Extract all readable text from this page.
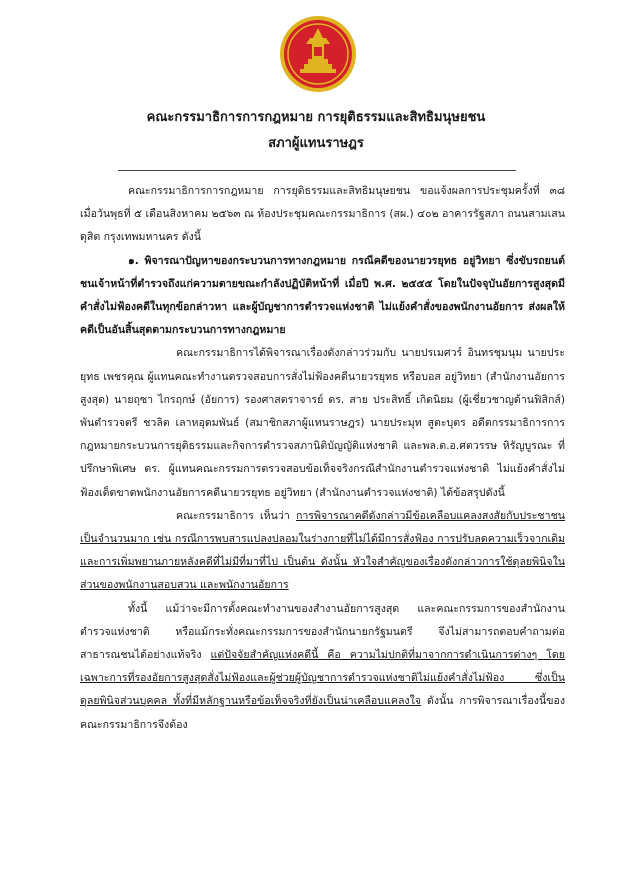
คณะกรรมาธิการการกฎหมาย การยุติธรรมและสิทธิมนุษยชน
สภาผู้แทนราษฎร

คณะกรรมาธิการการกฎหมาย การยุติธรรมและสิทธิมนุษยชน ขอแจ้งผลการประชุมครั้งที่ ๓๘ เมื่อวันพุธที่ ๕ เดือนสิงหาคม ๒๕๖๓ ณ ห้องประชุมคณะกรรมาธิการ (สผ.) ๔๐๒ อาคารรัฐสภา ถนนสามเสน ดุสิต กรุงเทพมหานคร ดังนี้

๑. พิจารณาปัญหาของกระบวนการทางกฎหมาย กรณีคดีของนายวรยุทธ อยู่วิทยา ซึ่งขับรถยนต์ชนเจ้าหน้าที่ตำรวจถึงแก่ความตายขณะกำลังปฏิบัติหน้าที่ เมื่อปี พ.ศ. ๒๕๕๕ โดยในปัจจุบันอัยการสูงสุดมีคำสั่งไม่ฟ้องคดีในทุกข้อกล่าวหา และผู้บัญชาการตำรวจแห่งชาติ ไม่แย้งคำสั่งของพนักงานอัยการ ส่งผลให้คดีเป็นอันสิ้นสุดตามกระบวนการทางกฎหมาย

คณะกรรมาธิการได้พิจารณาเรื่องดังกล่าวร่วมกับ นายปรเมศวร์ อินทรชุมนุม นายประยุทธ เพชรคุณ ผู้แทนคณะทำงานตรวจสอบการสั่งไม่ฟ้องคดีนายวรยุทธ หรือบอส อยู่วิทยา (สำนักงานอัยการสูงสุด) นายถุซา ไกรฤกษ์ (อัยการ) รองศาสตราจารย์ ดร. สาย ประสิทธิ์ เกิดนิยม (ผู้เชี่ยวชาญด้านฟิสิกส์) พันตำรวจตรี ชวลิต เลาหอุดมพันธ์ (สมาชิกสภาผู้แทนราษฎร) นายประมุท สูตะบุตร อดีตกรรมาธิการการกฎหมายกระบวนการยุติธรรมและกิจการตำรวจสภานิติบัญญัติแห่งชาติ และพล.ต.อ.ศตวรรษ หิรัญบูรณะ ที่ปรึกษาพิเศษ ดร. ผู้แทนคณะกรรมการตรวจสอบข้อเท็จจริงกรณีสำนักงานตำรวจแห่งชาติ ไม่แย้งคำสั่งไม่ฟ้องเด็ดขาดพนักงานอัยการคดีนายวรยุทธ อยู่วิทยา (สำนักงานตำรวจแห่งชาติ) ได้ข้อสรุปดังนี้

คณะกรรมาธิการ เห็นว่า การพิจารณาคดีดังกล่าวมีข้อเคลือบแคลงสงสัยกับประชาชนเป็นจำนวนมาก เช่น กรณีการพบสารแปลงปลอมในร่างกายที่ไม่ได้มีการสั่งฟ้อง การปรับลดความเร็วจากเดิม และการเพิ่มพยานภายหลังคดีที่ไม่มีที่มาที่ไป เป็นต้น ดังนั้น หัวใจสำคัญของเรื่องดังกล่าวการใช้ดุลยพินิจในส่วนของพนักงานสอบสวน และพนักงานอัยการ

ทั้งนี้ แม้ว่าจะมีการตั้งคณะทำงานของสำงานอัยการสูงสุด และคณะกรรมการของสำนักงานตำรวจแห่งชาติ หรือแม้กระทั่งคณะกรรมการของสำนักนายกรัฐมนตรี จึงไม่สามารถตอบคำถามต่อสาธารณชนได้อย่างแท้จริง แต่ปัจจัยสำคัญแห่งคดีนี้ คือ ความไม่ปกติที่มาจากการดำเนินการต่างๆ โดยเฉพาะการที่รองอัยการสูงสุดสั่งไม่ฟ้องและผู้ช่วยผู้บัญชาการตำรวจแห่งชาติไม่แย้งคำสั่งไม่ฟ้อง ซึ่งเป็นดุลยพินิจส่วนบุคคล ทั้งที่มีหลักฐานหรือข้อเท็จจริงที่ยังเป็นน่าเคลือบแคลงใจ ดังนั้น การพิจารณาเรื่องนี้ของคณะกรรมาธิการจึงต้อง
